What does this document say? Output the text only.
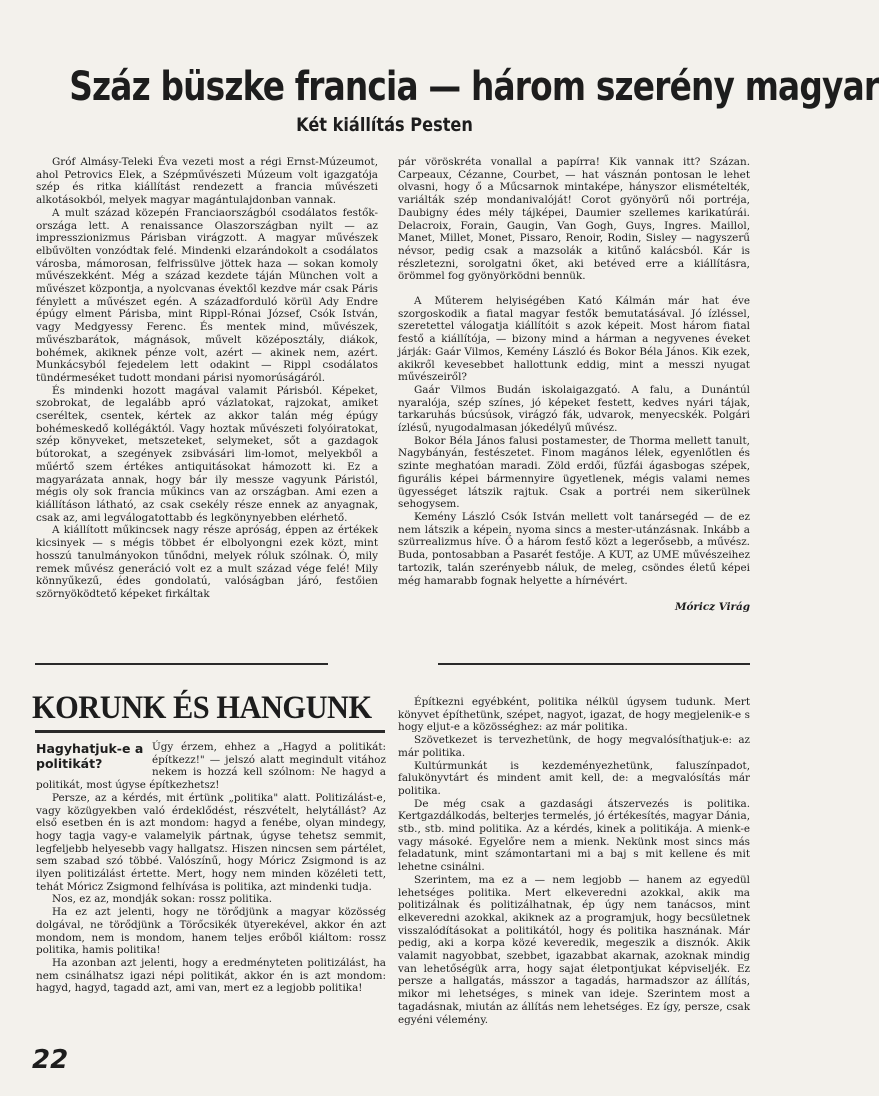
Száz büszke francia — három szerény magyar
Két kiállítás Pesten

Gróf Almásy-Teleki Éva vezeti most a régi Ernst-Múzeumot, ahol Petrovics Elek, a Szépművészeti Múzeum volt igazgatója szép és ritka kiállítást rendezett a francia művészeti alkotásokból, melyek magyar magántulajdonban vannak.

A mult század közepén Franciaországból csodálatos festők-országa lett. A renaissance Olaszországban nyilt — az impresszionizmus Párisban virágzott. A magyar művészek elbűvölten vonzódtak felé. Mindenki elzarándokolt a csodálatos városba, mámorosan, felfrissülve jöttek haza — sokan komoly művészekként. Még a század kezdete táján München volt a művészet központja, a nyolcvanas évektől kezdve már csak Páris fénylett a művészet egén. A századforduló körül Ady Endre épúgy elment Párisba, mint Rippl-Rónai József, Csók István, vagy Medgyessy Ferenc. És mentek mind, művészek, művészbarátok, mágnások, művelt középosztály, diákok, bohémek, akiknek pénze volt, azért — akinek nem, azért. Munkácsyból fejedelem lett odakint — Rippl csodálatos tündérmeséket tudott mondani párisi nyomorúságáról.

És mindenki hozott magával valamit Párisból. Képeket, szobrokat, de legalább apró vázlatokat, rajzokat, amiket cseréltek, csentek, kértek az akkor talán még épúgy bohémeskedő kollégáktól. Vagy hoztak művészeti folyóiratokat, szép könyveket, metszeteket, selymeket, sőt a gazdagok bútorokat, a szegények zsibvásári lim-lomot, melyekből a műértő szem értékes antiquitásokat hámozott ki. Ez a magyarázata annak, hogy bár ily messze vagyunk Páristól, mégis oly sok francia műkincs van az országban. Ami ezen a kiállításon látható, az csak csekély része ennek az anyagnak, csak az, ami legválogatottabb és legkönynyebben elérhető.

A kiállított műkincsek nagy része apróság, éppen az értékek kicsinyek — s mégis többet ér elbolyongni ezek közt, mint hosszú tanulmányokon tűnődni, melyek róluk szólnak. Ó, mily remek művész generáció volt ez a mult század vége felé! Mily könnyűkezű, édes gondolatú, valóságban járó, festőien szörnyöködtető képeket firkáltak

pár vöröskréta vonallal a papírra! Kik vannak itt? Százan. Carpeaux, Cézanne, Courbet, — hat vásznán pontosan le lehet olvasni, hogy ő a Műcsarnok mintaképe, hányszor elismételték, variálták szép mondanivalóját! Corot gyönyörű női portréja, Daubigny édes mély tájképei, Daumier szellemes karikatúrái. Delacroix, Forain, Gaugin, Van Gogh, Guys, Ingres. Maillol, Manet, Millet, Monet, Pissaro, Renoir, Rodin, Sisley — nagyszerű névsor, pedig csak a mazsolák a kitűnő kalácsból. Kár is részletezni, sorolgatni őket, aki betéved erre a kiállításra, örömmel fog gyönyörködni bennük.

A Műterem helyiségében Kató Kálmán már hat éve szorgoskodik a fiatal magyar festők bemutatásával. Jó ízléssel, szeretettel válogatja kiállítóit s azok képeit. Most három fiatal festő a kiállítója, — bizony mind a hárman a negyvenes éveket járják: Gaár Vilmos, Kemény László és Bokor Béla János. Kik ezek, akikről kevesebbet hallottunk eddig, mint a messzi nyugat művészeiről?

Gaár Vilmos Budán iskolaigazgató. A falu, a Dunántúl nyaralója, szép színes, jó képeket festett, kedves nyári tájak, tarkaruhás búcsúsok, virágzó fák, udvarok, menyecskék. Polgári ízlésű, nyugodalmasan jókedélyű művész.

Bokor Béla János falusi postamester, de Thorma mellett tanult, Nagybányán, festészetet. Finom magános lélek, egyenlőtlen és szinte meghatóan maradi. Zöld erdői, fűzfái ágasbogas szépek, figurális képei bármennyire ügyetlenek, mégis valami nemes ügyességet látszik rajtuk. Csak a portréi nem sikerülnek sehogysem.

Kemény László Csók István mellett volt tanársegéd — de ez nem látszik a képein, nyoma sincs a mester-utánzásnak. Inkább a szürrealizmus híve. Ő a három festő közt a legerősebb, a művész. Buda, pontosabban a Pasarét festője. A KUT, az UME művészeihez tartozik, talán szerényebb náluk, de meleg, csöndes életű képei még hamarabb fognak helyette a hírnévért.

Móricz Virág

KORUNK ÉS HANGUNK
Hagyhatjuk-e a politikát?

Úgy érzem, ehhez a „Hagyd a politikát: építkezz!" — jelszó alatt megindult vitához nekem is hozzá kell szólnom: Ne hagyd a politikát, most úgyse építkezhetsz!

Persze, az a kérdés, mit értünk „politika" alatt. Politizálást-e, vagy közügyekben való érdeklődést, részvételt, helytállást? Az első esetben én is azt mondom: hagyd a fenébe, olyan mindegy, hogy tagja vagy-e valamelyik pártnak, úgyse tehetsz semmit, legfeljebb helyesebb vagy hallgatsz. Hiszen nincsen sem pártélet, sem szabad szó többé. Valószínű, hogy Móricz Zsigmond is az ilyen politizálást értette. Mert, hogy nem minden közéleti tett, tehát Móricz Zsigmond felhívása is politika, azt mindenki tudja.

Nos, ez az, mondják sokan: rossz politika.

Ha ez azt jelenti, hogy ne törődjünk a magyar közösség dolgával, ne törődjünk a Törőcsikék ütyerekével, akkor én azt mondom, nem is mondom, hanem teljes erőből kiáltom: rossz politika, hamis politika!

Ha azonban azt jelenti, hogy a eredményteten politizálást, ha nem csinálhatsz igazi népi politikát, akkor én is azt mondom: hagyd, hagyd, tagadd azt, ami van, mert ez a legjobb politika!

Építkezni egyébként, politika nélkül úgysem tudunk. Mert könyvet építhetünk, szépet, nagyot, igazat, de hogy megjelenik-e s hogy eljut-e a közösséghez: az már politika.

Szövetkezet is tervezhetünk, de hogy megvalósíthatjuk-e: az már politika.

Kultúrmunkát is kezdeményezhetünk, faluszínpadot, falukönyvtárt és mindent amit kell, de: a megvalósítás már politika.

De még csak a gazdasági átszervezés is politika. Kertgazdálkodás, belterjes termelés, jó értékesítés, magyar Dánia, stb., stb. mind politika. Az a kérdés, kinek a politikája. A mienk-e vagy másoké. Egyelőre nem a mienk. Nekünk most sincs más feladatunk, mint számontartani mi a baj s mit kellene és mit lehetne csinálni.

Szerintem, ma ez a — nem legjobb — hanem az egyedül lehetséges politika. Mert elkeveredni azokkal, akik ma politizálnak és politizálhatnak, ép úgy nem tanácsos, mint elkeveredni azokkal, akiknek az a programjuk, hogy becsületnek visszalódításokat a politikától, hogy és politika hasznának. Már pedig, aki a korpa közé keveredik, megeszik a disznók. Akik valamit nagyobbat, szebbet, igazabbat akarnak, azoknak mindig van lehetőségük arra, hogy sajat életpontjukat képviseljék. Ez persze a hallgatás, másszor a tagadás, harmadszor az állítás, mikor mi lehetséges, s minek van ideje. Szerintem most a tagadásnak, miután az állítás nem lehetséges. Ez így, persze, csak egyéni vélemény.

22
